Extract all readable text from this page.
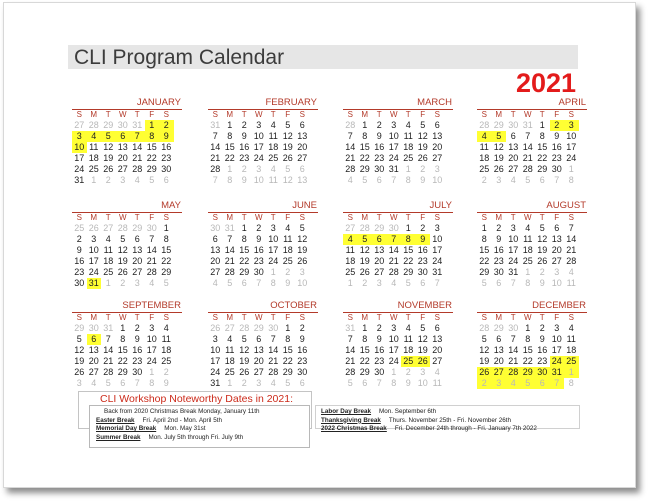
CLI Program Calendar
2021
JANUARY
S	M	T	W	T	F	S
27 28 29 30 31 1	2
3	4	5	6	7	8	9
10 11 12 13 14 15 16
17 18 19 20 21 22 23
24 25 26 27 28 29 30
31 1	2	3	4	5	6
FEBRUARY
S	M	T	W	T	F	S
31 1	2	3	4	5	6
7	8	9 10 11 12 13
14 15 16 17 18 19 20
21 22 23 24 25 26 27
28 1	2	3	4	5	6
7	8	9 10 11 12 13
MARCH
S	M	T	W	T	F	S
28 1	2	3	4	5	6
7	8	9 10 11 12 13
14 15 16 17 18 19 20
21 22 23 24 25 26 27
28 29 30 31 1	2	3
4	5	6	7	8	9 10
APRIL
S	M	T	W	T	F	S
28 29 30 31 1	2	3
4	5	6	7	8	9 10
11 12 13 14 15 16 17
18 19 20 21 22 23 24
25 26 27 28 29 30 1
2	3	4	5	6	7	8
MAY
S	M	T	W	T	F	S
25 26 27 28 29 30 1
2	3	4	5	6	7	8
9 10 11 12 13 14 15
16 17 18 19 20 21 22
23 24 25 26 27 28 29
30 31 1	2	3	4	5
JUNE
S	M	T	W	T	F	S
30 31 1	2	3	4	5
6	7	8	9 10 11 12
13 14 15 16 17 18 19
20 21 22 23 24 25 26
27 28 29 30 1	2	3
4	5	6	7	8	9 10
JULY
S	M	T	W	T	F	S
27 28 29 30 1	2	3
4	5	6	7	8	9 10
11 12 13 14 15 16 17
18 19 20 21 22 23 24
25 26 27 28 29 30 31
1	2	3	4	5	6	7
AUGUST
S	M	T	W	T	F	S
1	2	3	4	5	6	7
8	9 10 11 12 13 14
15 16 17 18 19 20 21
22 23 24 25 26 27 28
29 30 31 1	2	3	4
5	6	7	8	9 10 11
SEPTEMBER
S	M	T	W	T	F	S
29 30 31 1	2	3	4
5	6	7	8	9 10 11
12 13 14 15 16 17 18
19 20 21 22 23 24 25
26 27 28 29 30 1	2
3	4	5	6	7	8	9
OCTOBER
S	M	T	W	T	F	S
26 27 28 29 30 1	2
3	4	5	6	7	8	9
10 11 12 13 14 15 16
17 18 19 20 21 22 23
24 25 26 27 28 29 30
31 1	2	3	4	5	6
NOVEMBER
S	M	T	W	T	F	S
31 1	2	3	4	5	6
7	8	9 10 11 12 13
14 15 16 17 18 19 20
21 22 23 24 25 26 27
28 29 30 1	2	3	4
5	6	7	8	9 10 11
DECEMBER
S	M	T	W	T	F	S
28 29 30 1	2	3	4
5	6	7	8	9 10 11
12 13 14 15 16 17 18
19 20 21 22 23 24 25
26 27 28 29 30 31 1
2	3	4	5	6	7	8
CLI Workshop Noteworthy Dates in 2021:
Back from 2020 Christmas Break Monday, January 11th
Easter Break Fri. April 2nd - Mon. April 5th
Memorial Day Break Mon. May 31st
Summer Break Mon. July 5th through Fri. July 9th
Labor Day Break Mon. September 6th
Thanksgiving Break Thurs. November 25th - Fri. November 26th
2022 Christmas Break Fri. December 24th through - Fri. January 7th 2022
